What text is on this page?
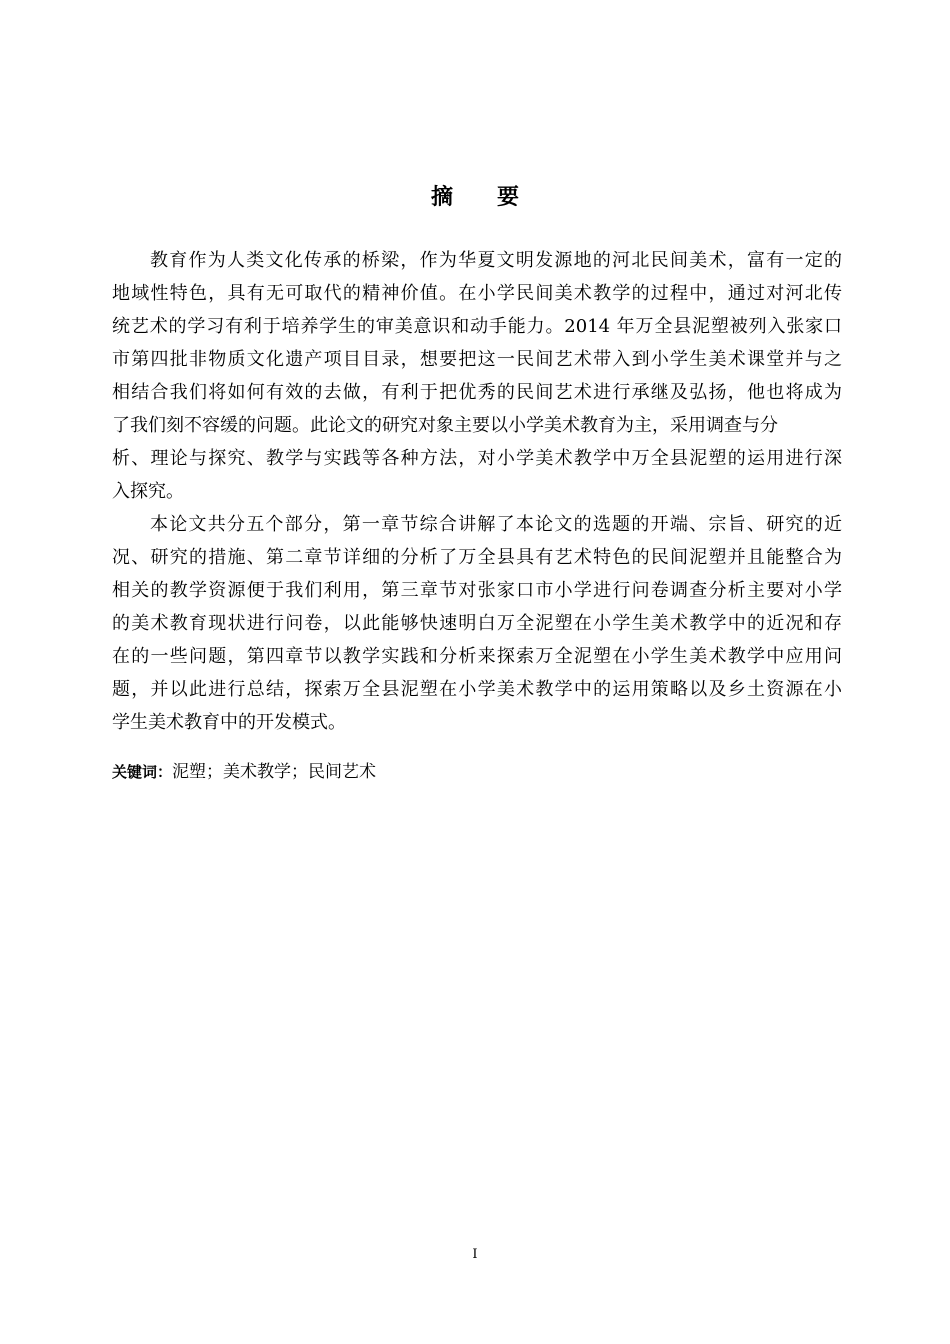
摘 要
教育作为人类文化传承的桥梁，作为华夏文明发源地的河北民间美术，富有一定的
地域性特色，具有无可取代的精神价值。在小学民间美术教学的过程中，通过对河北传
统艺术的学习有利于培养学生的审美意识和动手能力。2014 年万全县泥塑被列入张家口
市第四批非物质文化遗产项目目录，想要把这一民间艺术带入到小学生美术课堂并与之
相结合我们将如何有效的去做，有利于把优秀的民间艺术进行承继及弘扬，他也将成为
了我们刻不容缓的问题。此论文的研究对象主要以小学美术教育为主，采用调查与分
析、理论与探究、教学与实践等各种方法，对小学美术教学中万全县泥塑的运用进行深
入探究。
本论文共分五个部分，第一章节综合讲解了本论文的选题的开端、宗旨、研究的近
况、研究的措施、第二章节详细的分析了万全县具有艺术特色的民间泥塑并且能整合为
相关的教学资源便于我们利用，第三章节对张家口市小学进行问卷调查分析主要对小学
的美术教育现状进行问卷，以此能够快速明白万全泥塑在小学生美术教学中的近况和存
在的一些问题，第四章节以教学实践和分析来探索万全泥塑在小学生美术教学中应用问
题，并以此进行总结，探索万全县泥塑在小学美术教学中的运用策略以及乡土资源在小
学生美术教育中的开发模式。
关键词：泥塑；美术教学；民间艺术
I
